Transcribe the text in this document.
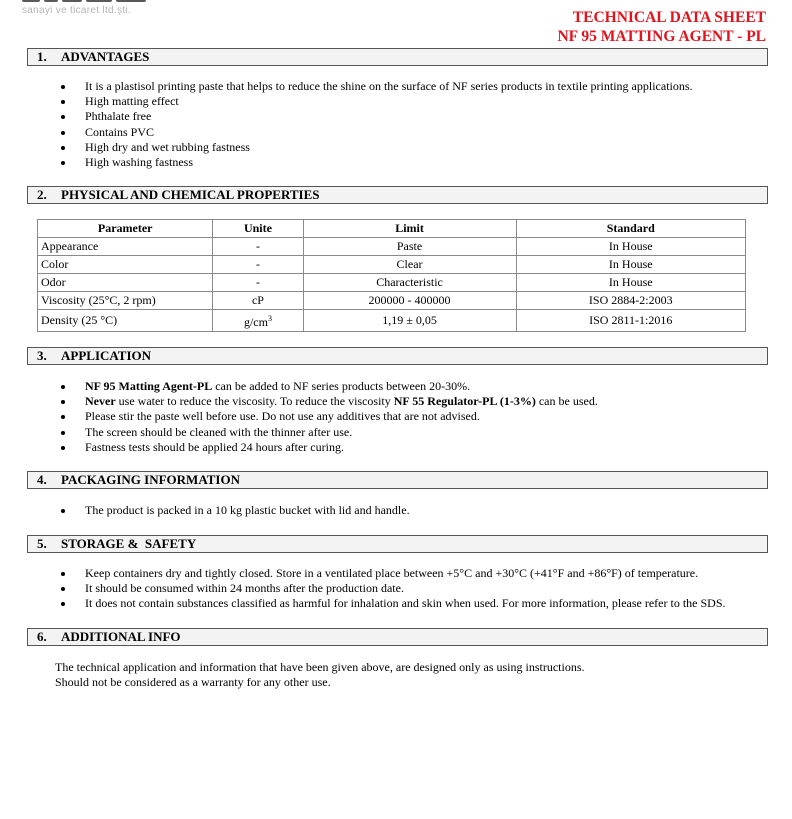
sanayi ve ticaret ltd.şti.	TECHNICAL DATA SHEET
NF 95 MATTING AGENT - PL
1 . ADVANTAGES
It is a plastisol printing paste that helps to reduce the shine on the surface of NF series products in textile printing applications.
High matting effect
Phthalate free
Contains PVC
High dry and wet rubbing fastness
High washing fastness
2 . PHYSICAL AND CHEMICAL PROPERTIES
Parameter	Unite	Limit	Standard
Appearance	-	Paste	In House
Color	-	Clear	In House
Odor	-	Characteristic	In House
Viscosity (25°C, 2 rpm)	cP	200000 - 400000	ISO 2884-2:2003
Density (25 °C)	$g/cm^3$	1,19 ± 0,05	ISO 2811-1:2016
3 . APPLICATION
NF 95 Matting Agent-PL can be added to NF series products between 20-30%.
Never use water to reduce the viscosity. To reduce the viscosity NF 55 Regulator-PL (1-3%) can be used.
Please stir the paste well before use. Do not use any additives that are not advised.
The screen should be cleaned with the thinner after use.
Fastness tests should be applied 24 hours after curing.
4 . PACKAGING INFORMATION
The product is packed in a 10 kg plastic bucket with lid and handle.
5 . STORAGE &  SAFETY
Keep containers dry and tightly closed. Store in a ventilated place between +5°C and +30°C (+41°F and +86°F) of temperature.
It should be consumed within 24 months after the production date.
It does not contain substances classified as harmful for inhalation and skin when used. For more information, please refer to the SDS.
6 . ADDITIONAL INFO
The technical application and information that have been given above, are designed only as using instructions.
Should not be considered as a warranty for any other use.
